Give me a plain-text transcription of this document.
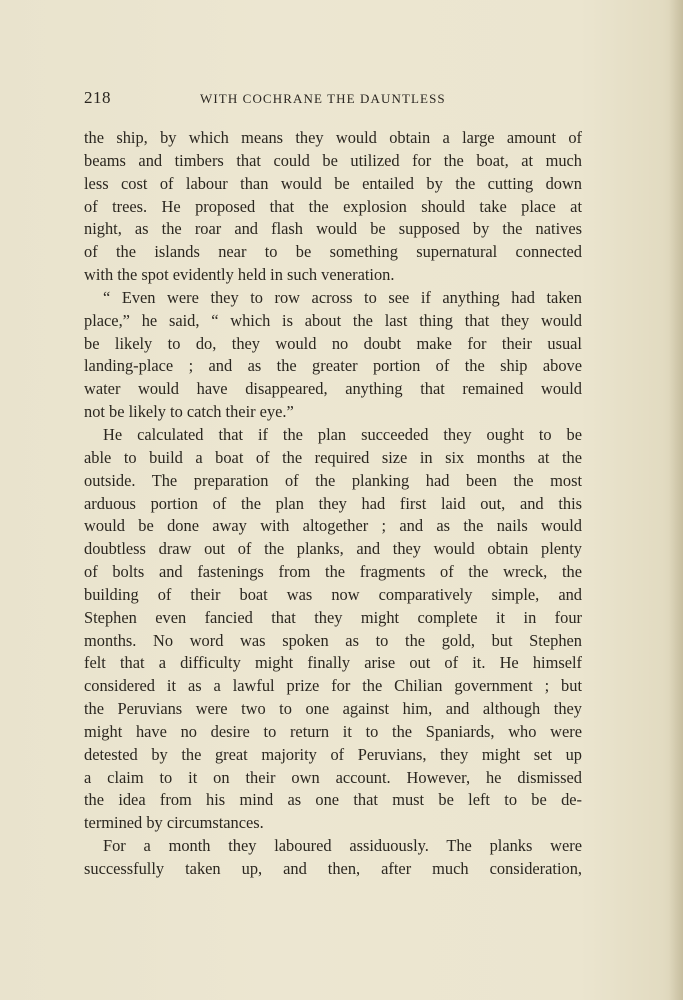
218	WITH COCHRANE THE DAUNTLESS
the ship, by which means they would obtain a large amount of
beams and timbers that could be utilized for the boat, at much
less cost of labour than would be entailed by the cutting down
of trees. He proposed that the explosion should take place at
night, as the roar and flash would be supposed by the natives
of the islands near to be something supernatural connected
with the spot evidently held in such veneration.
“ Even were they to row across to see if anything had taken
place,” he said, “ which is about the last thing that they would
be likely to do, they would no doubt make for their usual
landing-place ; and as the greater portion of the ship above
water would have disappeared, anything that remained would
not be likely to catch their eye.”
He calculated that if the plan succeeded they ought to be
able to build a boat of the required size in six months at the
outside. The preparation of the planking had been the most
arduous portion of the plan they had first laid out, and this
would be done away with altogether ; and as the nails would
doubtless draw out of the planks, and they would obtain plenty
of bolts and fastenings from the fragments of the wreck, the
building of their boat was now comparatively simple, and
Stephen even fancied that they might complete it in four
months. No word was spoken as to the gold, but Stephen
felt that a difficulty might finally arise out of it. He himself
considered it as a lawful prize for the Chilian government ; but
the Peruvians were two to one against him, and although they
might have no desire to return it to the Spaniards, who were
detested by the great majority of Peruvians, they might set up
a claim to it on their own account. However, he dismissed
the idea from his mind as one that must be left to be de-
termined by circumstances.
For a month they laboured assiduously. The planks were
successfully taken up, and then, after much consideration,
